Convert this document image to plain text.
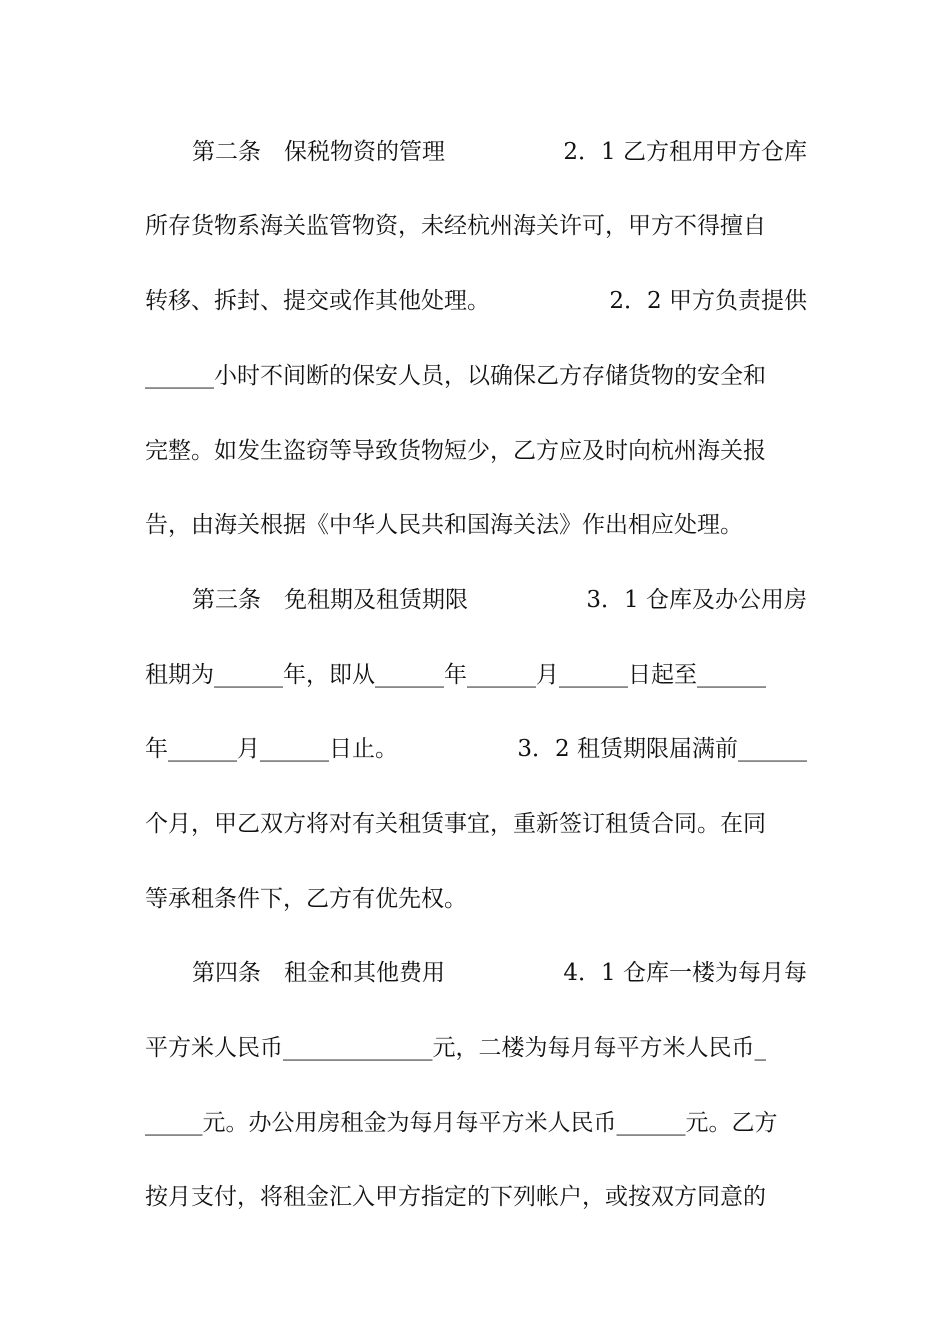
第二条　保税物资的管理

	2．1 乙方租用甲方仓库

所存货物系海关监管物资，未经杭州海关许可，甲方不得擅自

转移、拆封、提交或作其他处理。

	2．2 甲方负责提供

______小时不间断的保安人员，以确保乙方存储货物的安全和

完整。如发生盗窃等导致货物短少，乙方应及时向杭州海关报

告，由海关根据《中华人民共和国海关法》作出相应处理。

第三条　免租期及租赁期限

	3．1 仓库及办公用房

租期为______年，即从______年______月______日起至______

年______月______日止。

	3．2 租赁期限届满前______

个月，甲乙双方将对有关租赁事宜，重新签订租赁合同。在同

等承租条件下，乙方有优先权。

第四条　租金和其他费用

	4．1 仓库一楼为每月每

平方米人民币_____________元，二楼为每月每平方米人民币_

_____元。办公用房租金为每月每平方米人民币______元。乙方

按月支付，将租金汇入甲方指定的下列帐户，或按双方同意的
